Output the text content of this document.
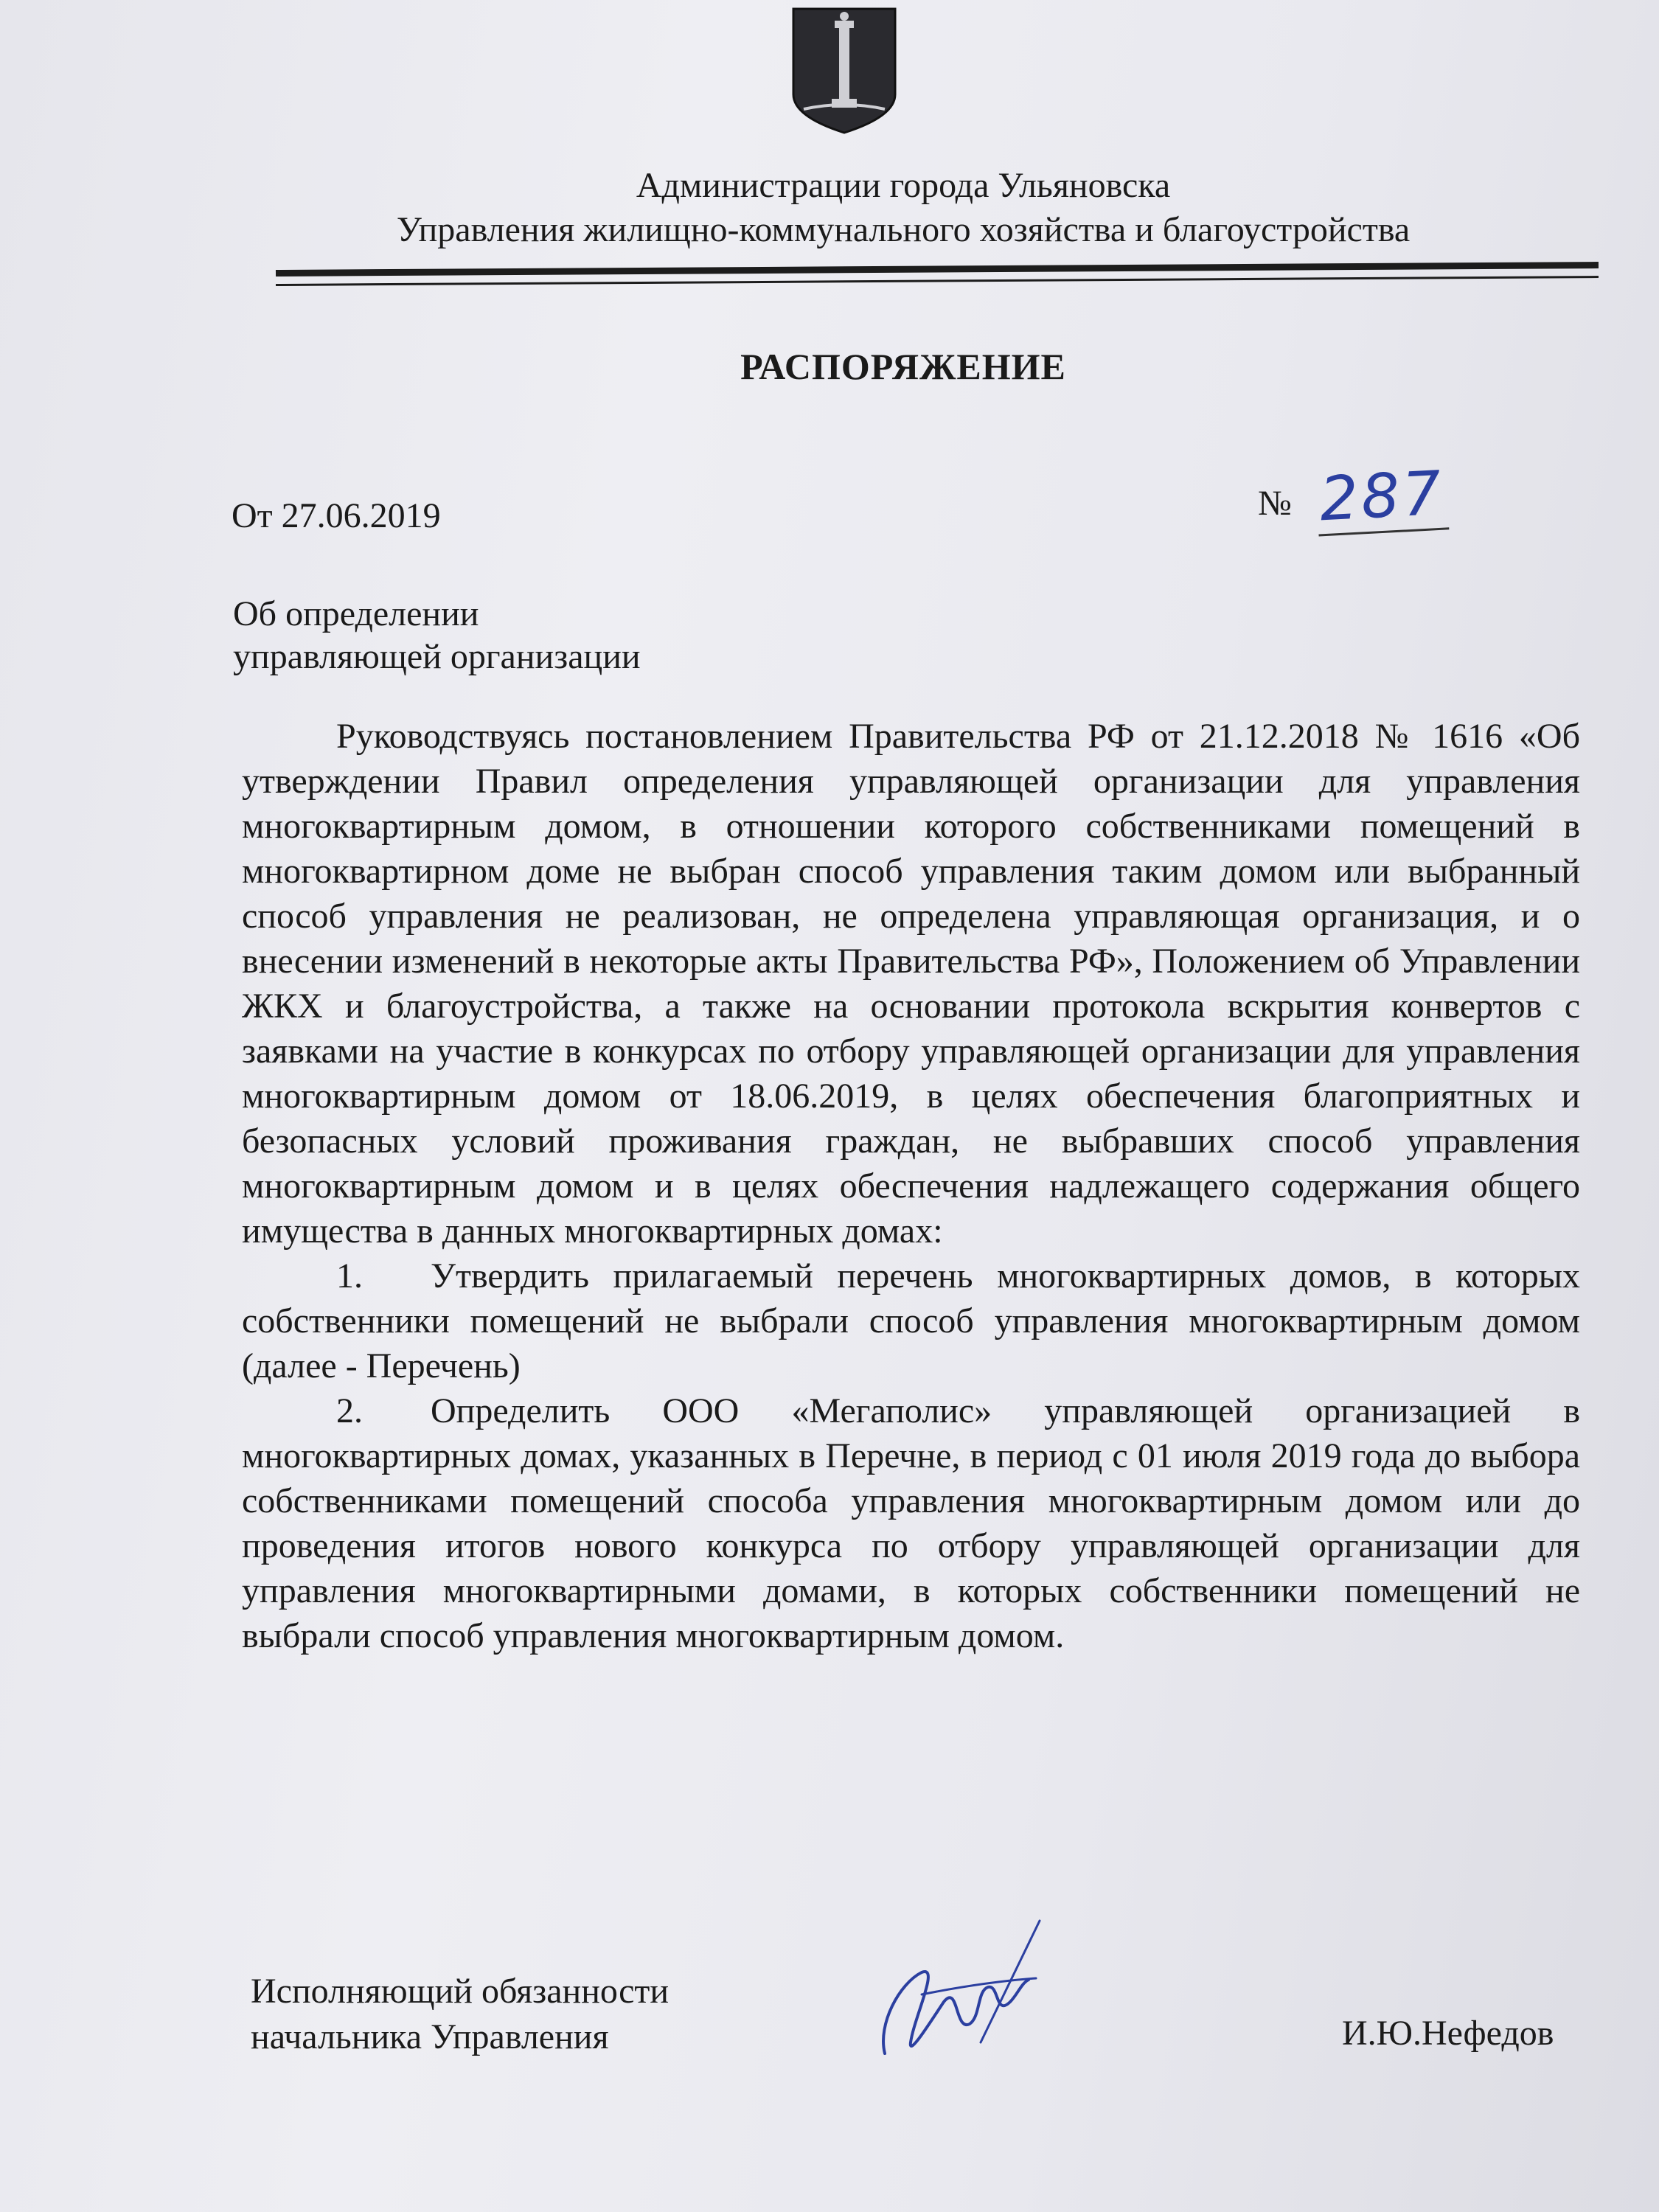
Администрации города Ульяновска
Управления жилищно-коммунального хозяйства и благоустройства
РАСПОРЯЖЕНИЕ
От 27.06.2019	№ 287
Об определении
управляющей организации

Руководствуясь постановлением Правительства РФ от 21.12.2018 № 1616 «Об утверждении Правил определения управляющей организации для управления многоквартирным домом, в отношении которого собственниками помещений в многоквартирном доме не выбран способ управления таким домом или выбранный способ управления не реализован, не определена управляющая организация, и о внесении изменений в некоторые акты Правительства РФ», Положением об Управлении ЖКХ и благоустройства, а также на основании протокола вскрытия конвертов с заявками на участие в конкурсах по отбору управляющей организации для управления многоквартирным домом от 18.06.2019, в целях обеспечения благоприятных и безопасных условий проживания граждан, не выбравших способ управления многоквартирным домом и в целях обеспечения надлежащего содержания общего имущества в данных многоквартирных домах:

1. Утвердить прилагаемый перечень многоквартирных домов, в которых собственники помещений не выбрали способ управления многоквартирным домом (далее - Перечень)

2. Определить ООО «Мегаполис» управляющей организацией в многоквартирных домах, указанных в Перечне, в период с 01 июля 2019 года до выбора собственниками помещений способа управления многоквартирным домом или до проведения итогов нового конкурса по отбору управляющей организации для управления многоквартирными домами, в которых собственники помещений не выбрали способ управления многоквартирным домом.

Исполняющий обязанности
начальника Управления	И.Ю.Нефедов
